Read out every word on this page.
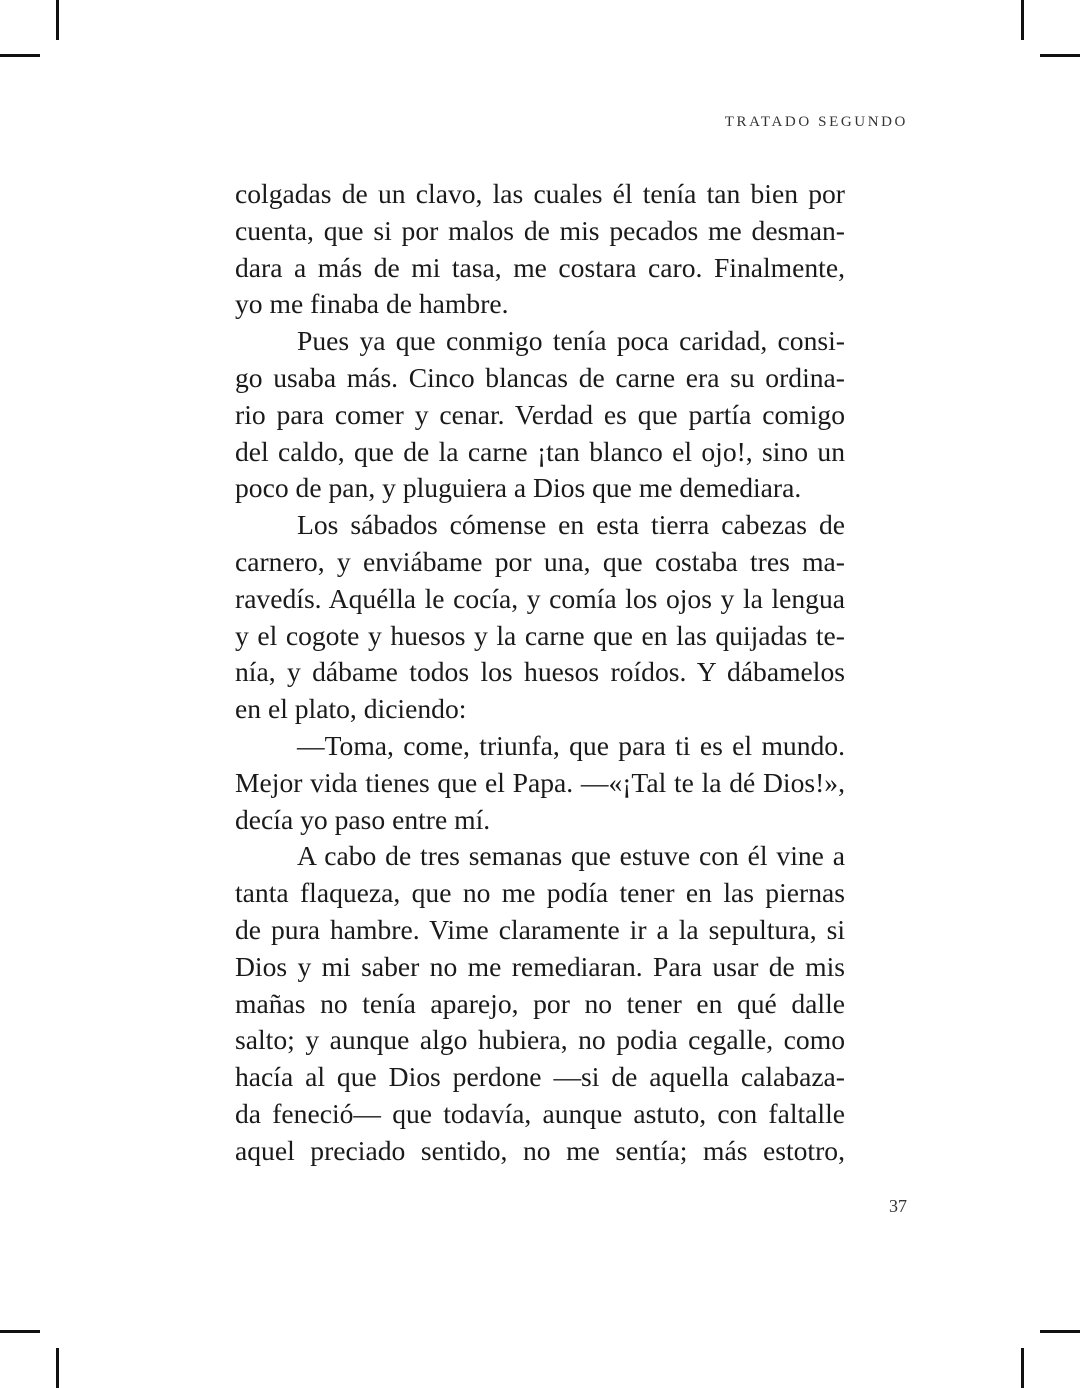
TRATADO SEGUNDO
colgadas de un clavo, las cuales él tenía tan bien por
cuenta, que si por malos de mis pecados me desman-
dara a más de mi tasa, me costara caro. Finalmente,
yo me finaba de hambre.
Pues ya que conmigo tenía poca caridad, consi-
go usaba más. Cinco blancas de carne era su ordina-
rio para comer y cenar. Verdad es que partía comigo
del caldo, que de la carne ¡tan blanco el ojo!, sino un
poco de pan, y pluguiera a Dios que me demediara.
Los sábados cómense en esta tierra cabezas de
carnero, y enviábame por una, que costaba tres ma-
ravedís. Aquélla le cocía, y comía los ojos y la lengua
y el cogote y huesos y la carne que en las quijadas te-
nía, y dábame todos los huesos roídos. Y dábamelos
en el plato, diciendo:
—Toma, come, triunfa, que para ti es el mundo.
Mejor vida tienes que el Papa. —«¡Tal te la dé Dios!»,
decía yo paso entre mí.
A cabo de tres semanas que estuve con él vine a
tanta flaqueza, que no me podía tener en las piernas
de pura hambre. Vime claramente ir a la sepultura, si
Dios y mi saber no me remediaran. Para usar de mis
mañas no tenía aparejo, por no tener en qué dalle
salto; y aunque algo hubiera, no podia cegalle, como
hacía al que Dios perdone —si de aquella calabaza-
da feneció— que todavía, aunque astuto, con faltalle
aquel preciado sentido, no me sentía; más estotro,
37
